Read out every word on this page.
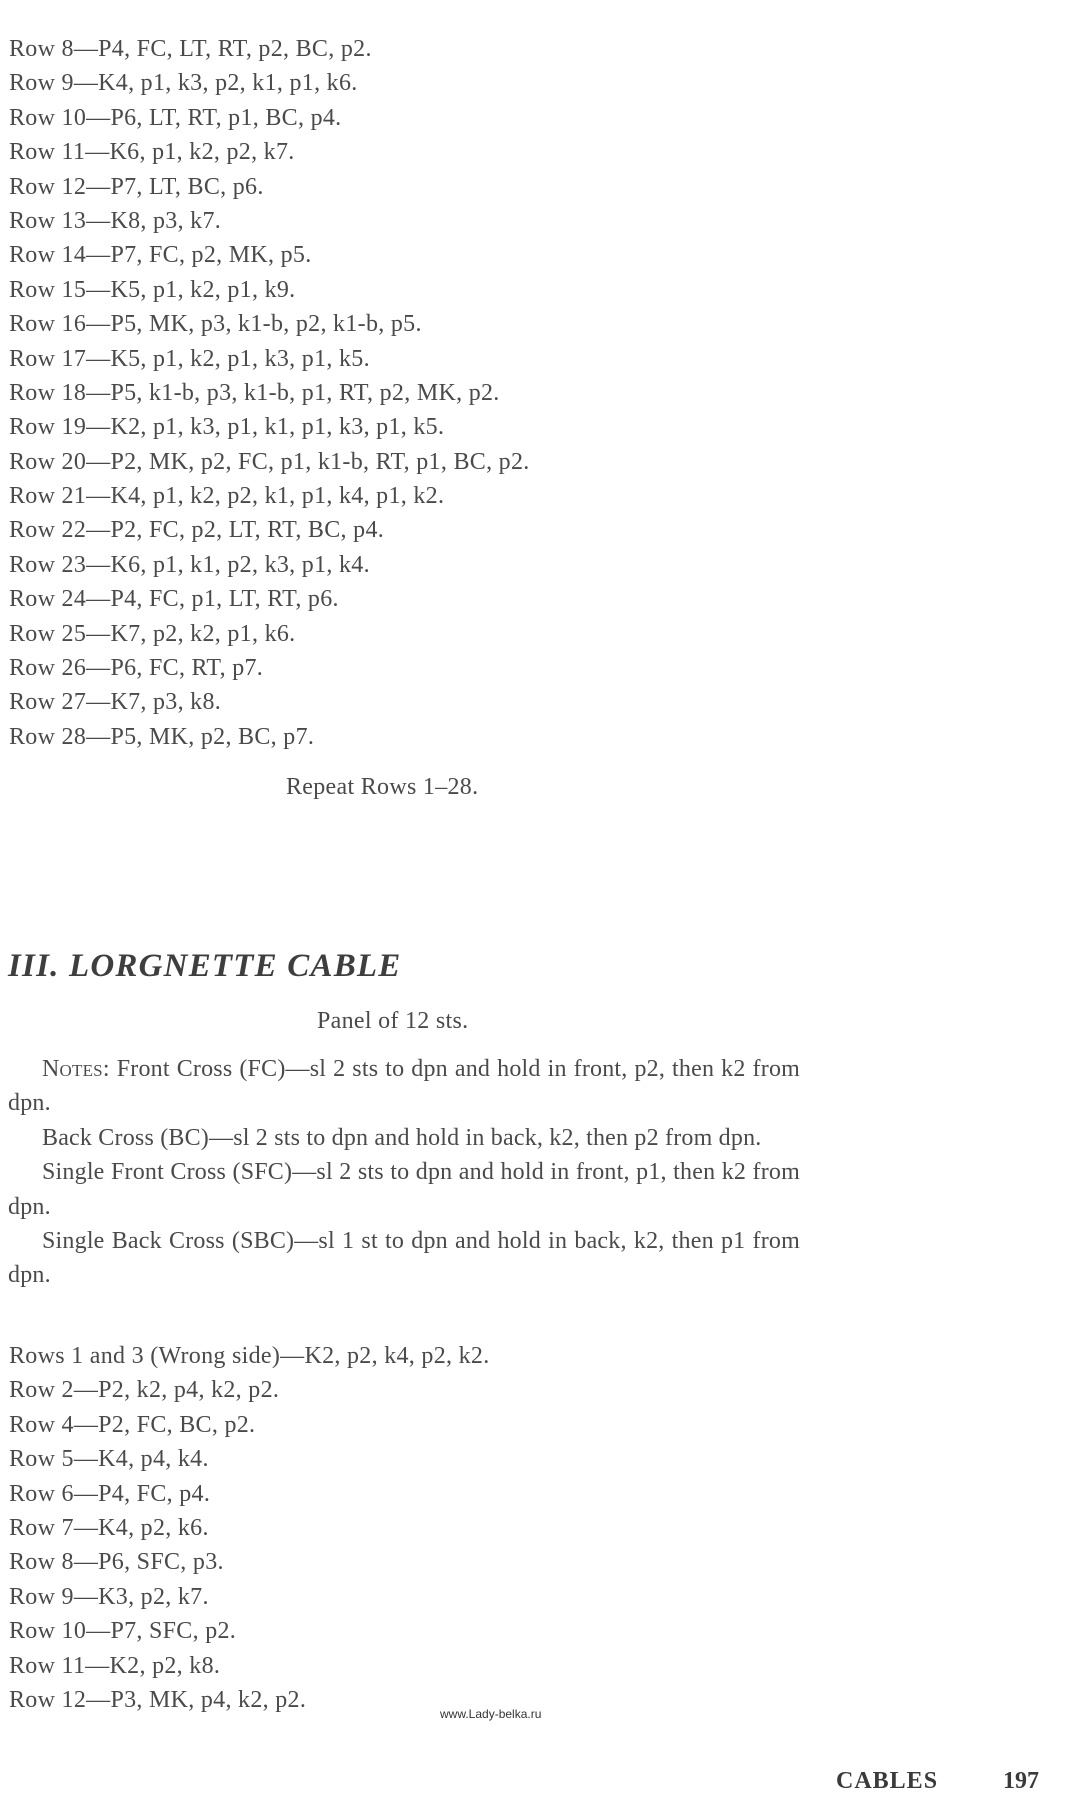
Row 8—P4, FC, LT, RT, p2, BC, p2.
Row 9—K4, p1, k3, p2, k1, p1, k6.
Row 10—P6, LT, RT, p1, BC, p4.
Row 11—K6, p1, k2, p2, k7.
Row 12—P7, LT, BC, p6.
Row 13—K8, p3, k7.
Row 14—P7, FC, p2, MK, p5.
Row 15—K5, p1, k2, p1, k9.
Row 16—P5, MK, p3, k1-b, p2, k1-b, p5.
Row 17—K5, p1, k2, p1, k3, p1, k5.
Row 18—P5, k1-b, p3, k1-b, p1, RT, p2, MK, p2.
Row 19—K2, p1, k3, p1, k1, p1, k3, p1, k5.
Row 20—P2, MK, p2, FC, p1, k1-b, RT, p1, BC, p2.
Row 21—K4, p1, k2, p2, k1, p1, k4, p1, k2.
Row 22—P2, FC, p2, LT, RT, BC, p4.
Row 23—K6, p1, k1, p2, k3, p1, k4.
Row 24—P4, FC, p1, LT, RT, p6.
Row 25—K7, p2, k2, p1, k6.
Row 26—P6, FC, RT, p7.
Row 27—K7, p3, k8.
Row 28—P5, MK, p2, BC, p7.
Repeat Rows 1–28.
III. LORGNETTE CABLE
Panel of 12 sts.

Notes: Front Cross (FC)—sl 2 sts to dpn and hold in front, p2, then k2 from dpn.

Back Cross (BC)—sl 2 sts to dpn and hold in back, k2, then p2 from dpn.

Single Front Cross (SFC)—sl 2 sts to dpn and hold in front, p1, then k2 from dpn.

Single Back Cross (SBC)—sl 1 st to dpn and hold in back, k2, then p1 from dpn.

Rows 1 and 3 (Wrong side)—K2, p2, k4, p2, k2.
Row 2—P2, k2, p4, k2, p2.
Row 4—P2, FC, BC, p2.
Row 5—K4, p4, k4.
Row 6—P4, FC, p4.
Row 7—K4, p2, k6.
Row 8—P6, SFC, p3.
Row 9—K3, p2, k7.
Row 10—P7, SFC, p2.
Row 11—K2, p2, k8.
Row 12—P3, MK, p4, k2, p2.
www.Lady-belka.ru
CABLES	197
